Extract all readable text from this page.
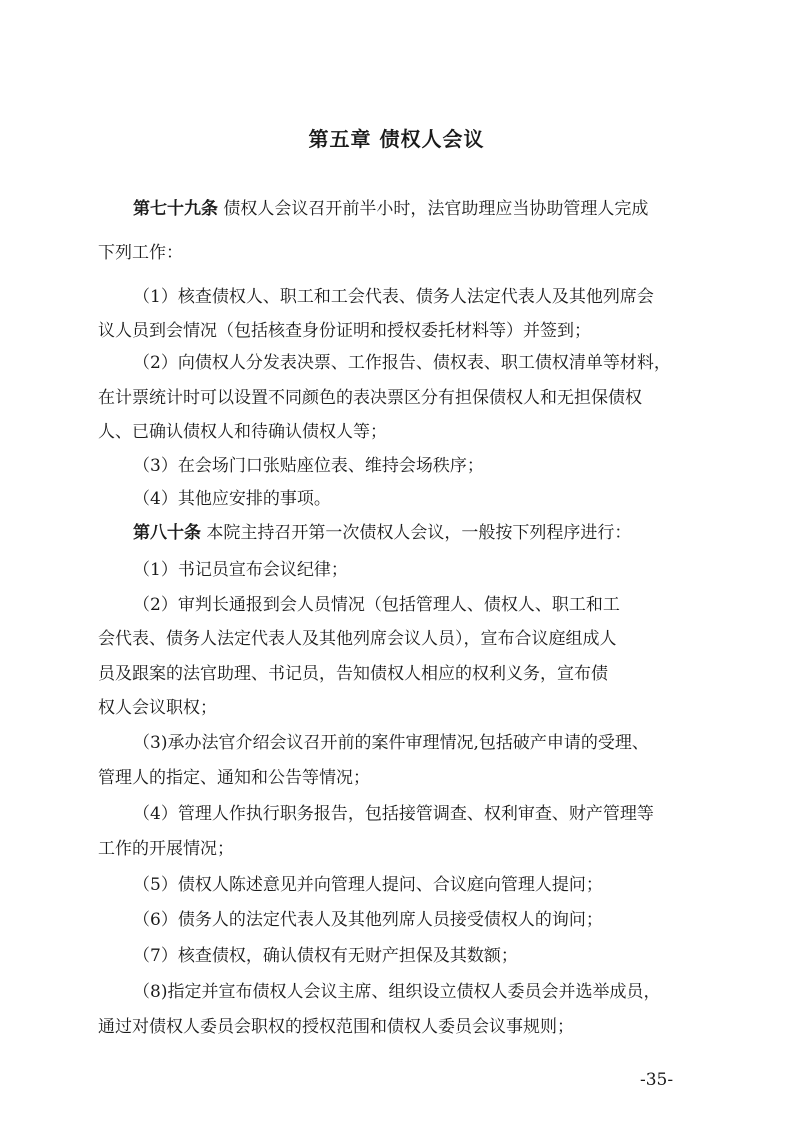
第五章 债权人会议
第七十九条 债权人会议召开前半小时，法官助理应当协助管理人完成
下列工作：
（1）核查债权人、职工和工会代表、债务人法定代表人及其他列席会
议人员到会情况（包括核查身份证明和授权委托材料等）并签到；
（2）向债权人分发表决票、工作报告、债权表、职工债权清单等材料，
在计票统计时可以设置不同颜色的表决票区分有担保债权人和无担保债权
人、已确认债权人和待确认债权人等；
（3）在会场门口张贴座位表、维持会场秩序；
（4）其他应安排的事项。
第八十条 本院主持召开第一次债权人会议，一般按下列程序进行：
（1）书记员宣布会议纪律；
（2）审判长通报到会人员情况（包括管理人、债权人、职工和工
会代表、债务人法定代表人及其他列席会议人员），宣布合议庭组成人
员及跟案的法官助理、书记员，告知债权人相应的权利义务，宣布债
权人会议职权；
（3)承办法官介绍会议召开前的案件审理情况,包括破产申请的受理、
管理人的指定、通知和公告等情况；
（4）管理人作执行职务报告，包括接管调查、权利审查、财产管理等
工作的开展情况；
（5）债权人陈述意见并向管理人提问、合议庭向管理人提问；
（6）债务人的法定代表人及其他列席人员接受债权人的询问；
（7）核查债权，确认债权有无财产担保及其数额；
（8)指定并宣布债权人会议主席、组织设立债权人委员会并选举成员，
通过对债权人委员会职权的授权范围和债权人委员会议事规则；
-35-
